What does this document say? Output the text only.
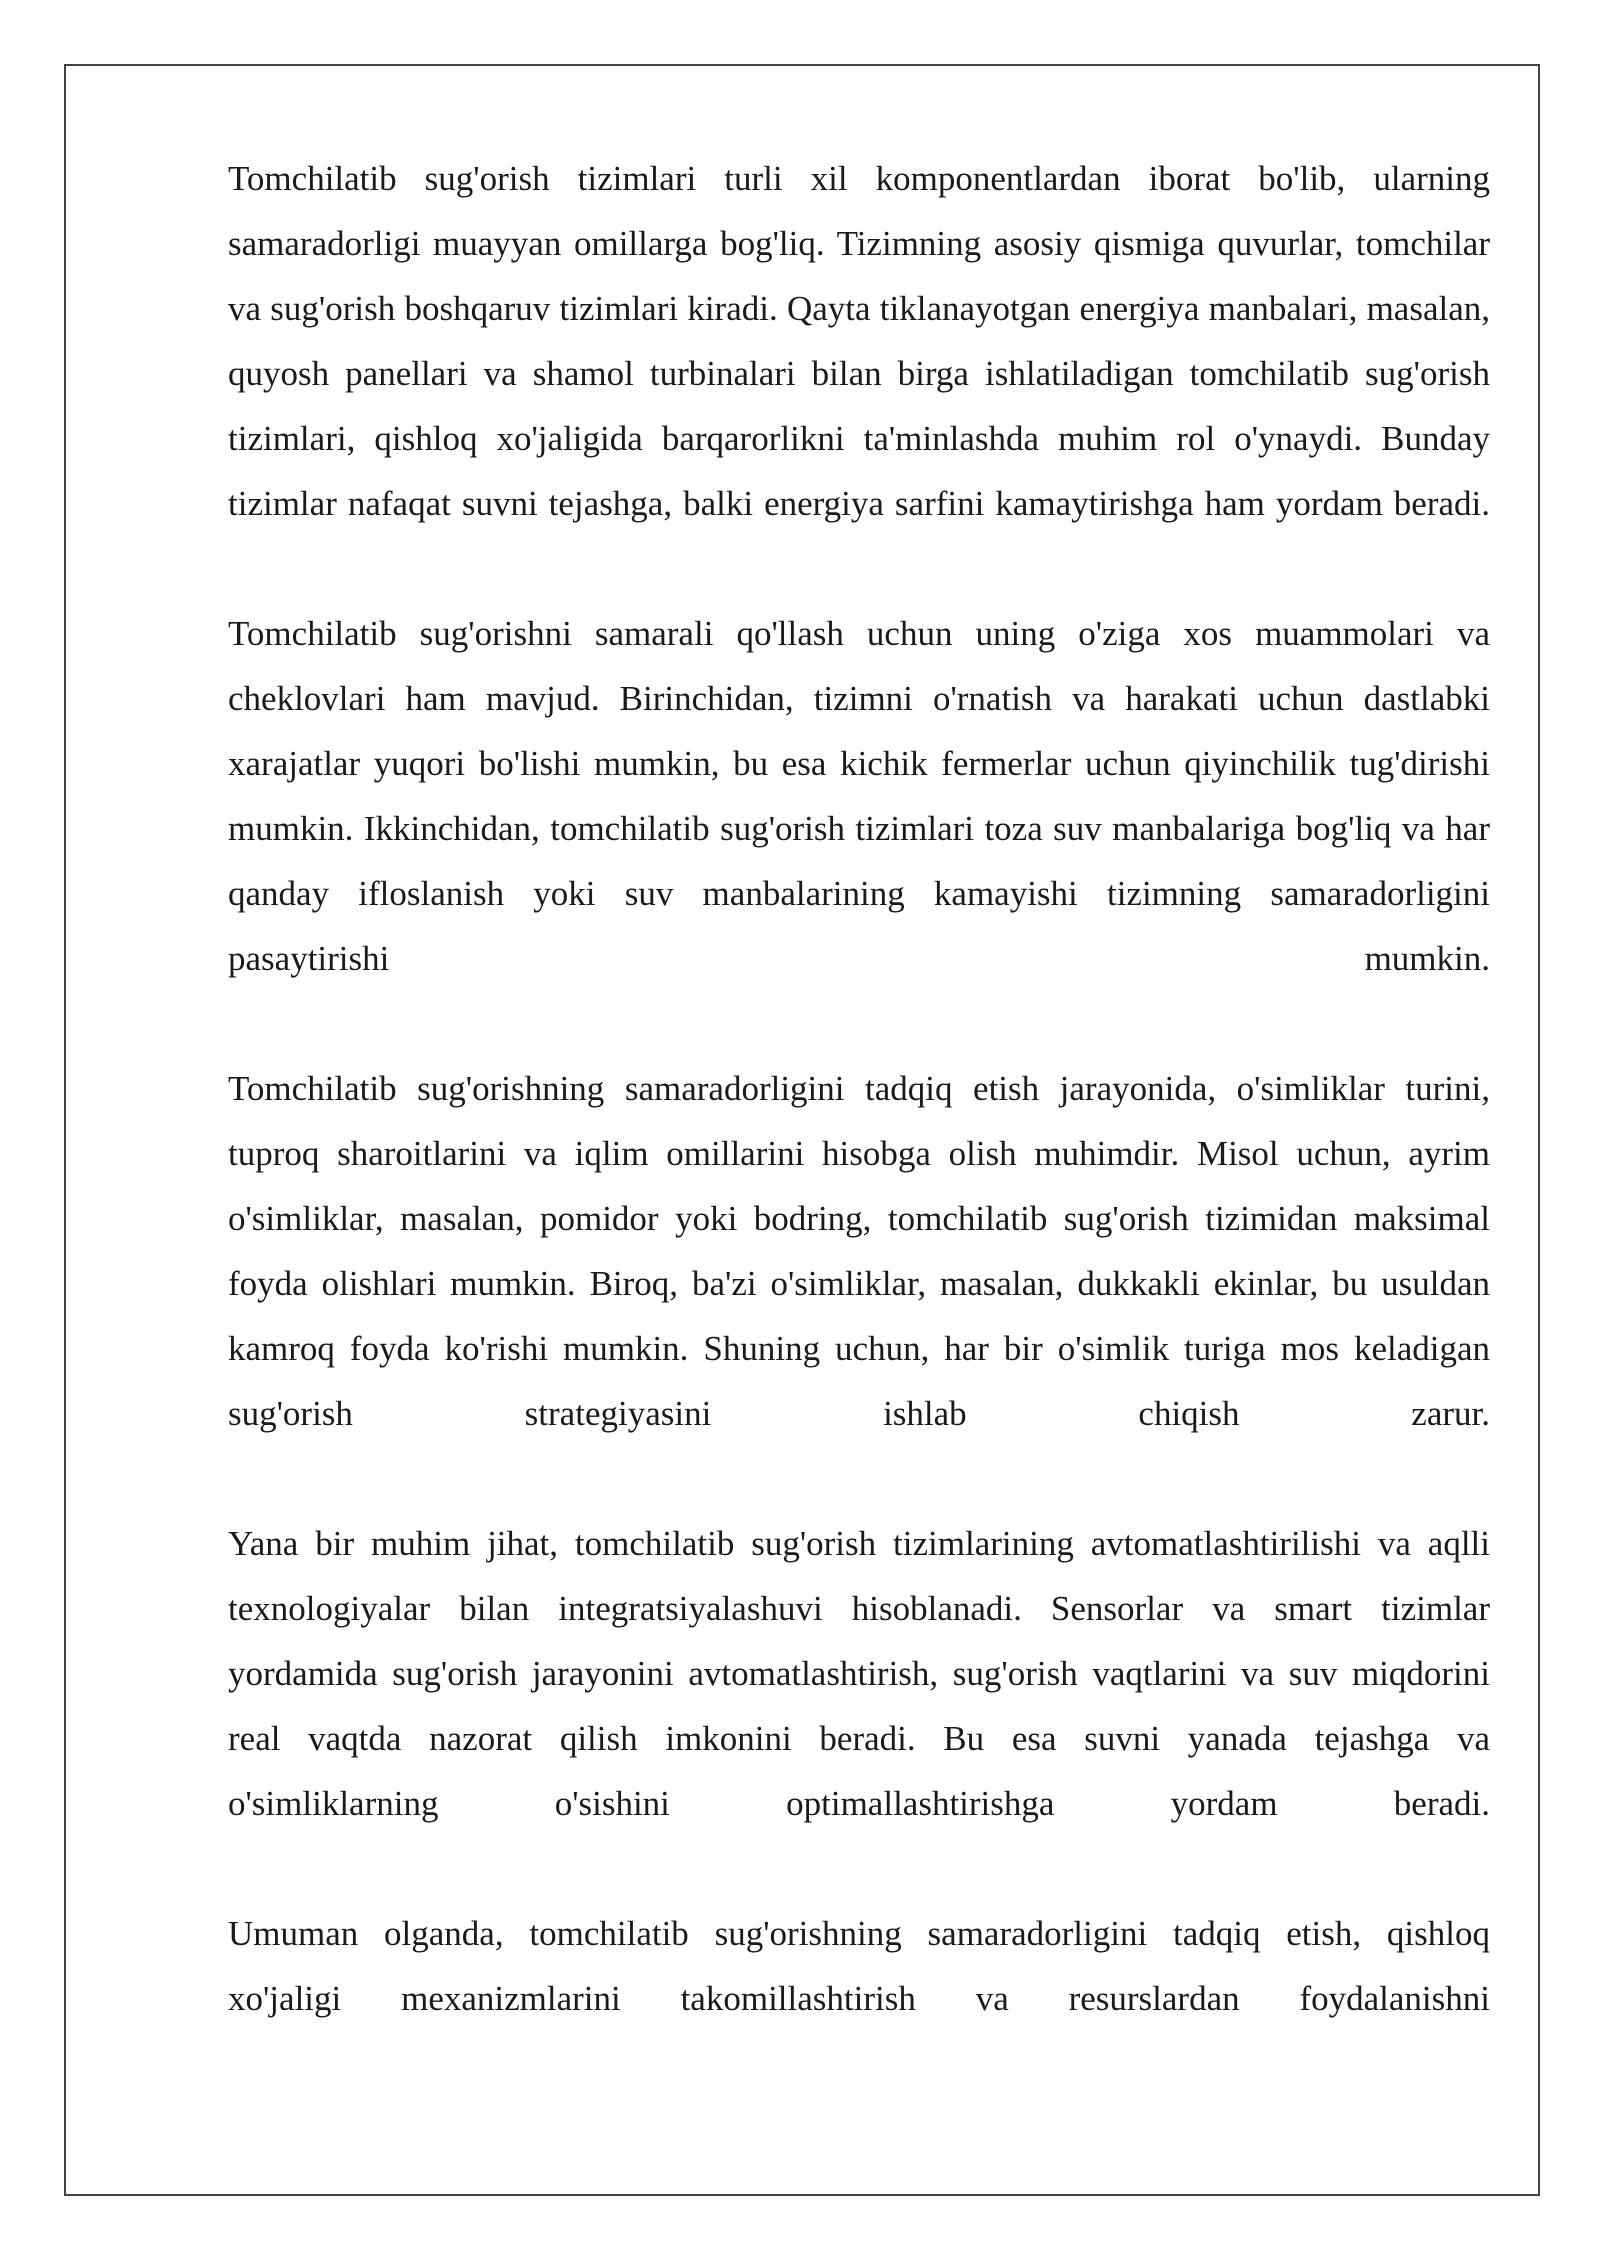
Tomchilatib sug'orish tizimlari turli xil komponentlardan iborat bo'lib, ularning samaradorligi muayyan omillarga bog'liq. Tizimning asosiy qismiga quvurlar, tomchilar va sug'orish boshqaruv tizimlari kiradi. Qayta tiklanayotgan energiya manbalari, masalan, quyosh panellari va shamol turbinalari bilan birga ishlatiladigan tomchilatib sug'orish tizimlari, qishloq xo'jaligida barqarorlikni ta'minlashda muhim rol o'ynaydi. Bunday tizimlar nafaqat suvni tejashga, balki energiya sarfini kamaytirishga ham yordam beradi.

Tomchilatib sug'orishni samarali qo'llash uchun uning o'ziga xos muammolari va cheklovlari ham mavjud. Birinchidan, tizimni o'rnatish va harakati uchun dastlabki xarajatlar yuqori bo'lishi mumkin, bu esa kichik fermerlar uchun qiyinchilik tug'dirishi mumkin. Ikkinchidan, tomchilatib sug'orish tizimlari toza suv manbalariga bog'liq va har qanday ifloslanish yoki suv manbalarining kamayishi tizimning samaradorligini pasaytirishi mumkin.

Tomchilatib sug'orishning samaradorligini tadqiq etish jarayonida, o'simliklar turini, tuproq sharoitlarini va iqlim omillarini hisobga olish muhimdir. Misol uchun, ayrim o'simliklar, masalan, pomidor yoki bodring, tomchilatib sug'orish tizimidan maksimal foyda olishlari mumkin. Biroq, ba'zi o'simliklar, masalan, dukkakli ekinlar, bu usuldan kamroq foyda ko'rishi mumkin. Shuning uchun, har bir o'simlik turiga mos keladigan sug'orish strategiyasini ishlab chiqish zarur.

Yana bir muhim jihat, tomchilatib sug'orish tizimlarining avtomatlashtirilishi va aqlli texnologiyalar bilan integratsiyalashuvi hisoblanadi. Sensorlar va smart tizimlar yordamida sug'orish jarayonini avtomatlashtirish, sug'orish vaqtlarini va suv miqdorini real vaqtda nazorat qilish imkonini beradi. Bu esa suvni yanada tejashga va o'simliklarning o'sishini optimallashtirishga yordam beradi.

Umuman olganda, tomchilatib sug'orishning samaradorligini tadqiq etish, qishloq xo'jaligi mexanizmlarini takomillashtirish va resurslardan foydalanishni
